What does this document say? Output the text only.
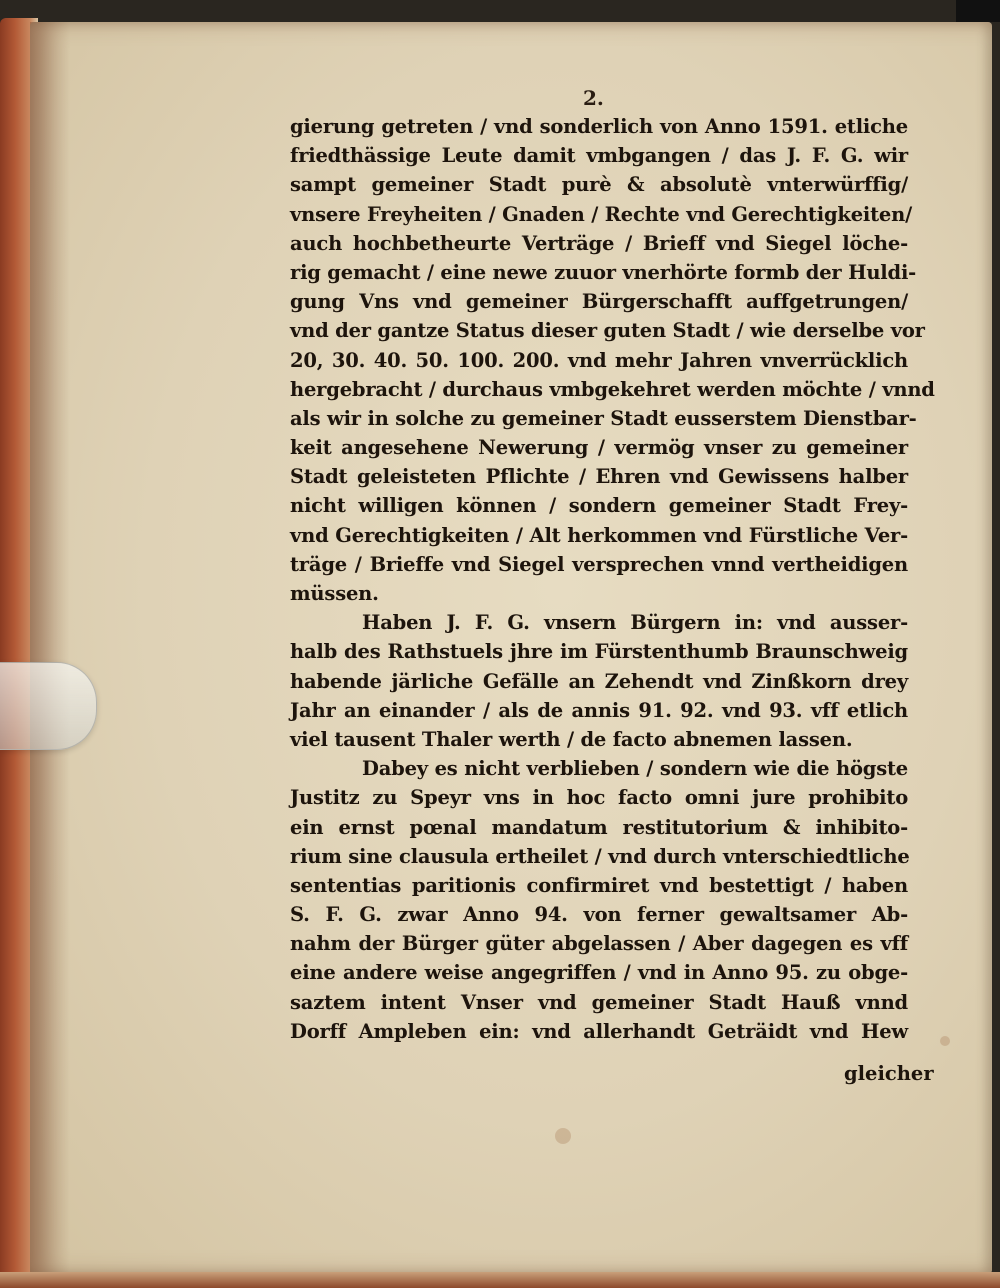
2.
gierung getreten / vnd sonderlich von Anno 1591. etliche
friedthässige Leute damit vmbgangen / das J. F. G. wir
sampt gemeiner Stadt purè & absolutè vnterwürffig/
vnsere Freyheiten / Gnaden / Rechte vnd Gerechtigkeiten/
auch hochbetheurte Verträge / Brieff vnd Siegel löche-
rig gemacht / eine newe zuuor vnerhörte formb der Huldi-
gung Vns vnd gemeiner Bürgerschafft auffgetrungen/
vnd der gantze Status dieser guten Stadt / wie derselbe vor
20, 30. 40. 50. 100. 200. vnd mehr Jahren vnverrücklich
hergebracht / durchaus vmbgekehret werden möchte / vnnd
als wir in solche zu gemeiner Stadt eusserstem Dienstbar-
keit angesehene Newerung / vermög vnser zu gemeiner
Stadt geleisteten Pflichte / Ehren vnd Gewissens halber
nicht willigen können / sondern gemeiner Stadt Frey-
vnd Gerechtigkeiten / Alt herkommen vnd Fürstliche Ver-
träge / Brieffe vnd Siegel versprechen vnnd vertheidigen
müssen.
Haben J. F. G. vnsern Bürgern in: vnd ausser-
halb des Rathstuels jhre im Fürstenthumb Braunschweig
habende järliche Gefälle an Zehendt vnd Zinßkorn drey
Jahr an einander / als de annis 91. 92. vnd 93. vff etlich
viel tausent Thaler werth / de facto abnemen lassen.
Dabey es nicht verblieben / sondern wie die högste
Justitz zu Speyr vns in hoc facto omni jure prohibito
ein ernst pœnal mandatum restitutorium & inhibito-
rium sine clausula ertheilet / vnd durch vnterschiedtliche
sententias paritionis confirmiret vnd bestettigt / haben
S. F. G. zwar Anno 94. von ferner gewaltsamer Ab-
nahm der Bürger güter abgelassen / Aber dagegen es vff
eine andere weise angegriffen / vnd in Anno 95. zu obge-
saztem intent Vnser vnd gemeiner Stadt Hauß vnnd
Dorff Ampleben ein: vnd allerhandt Geträidt vnd Hew
gleicher
